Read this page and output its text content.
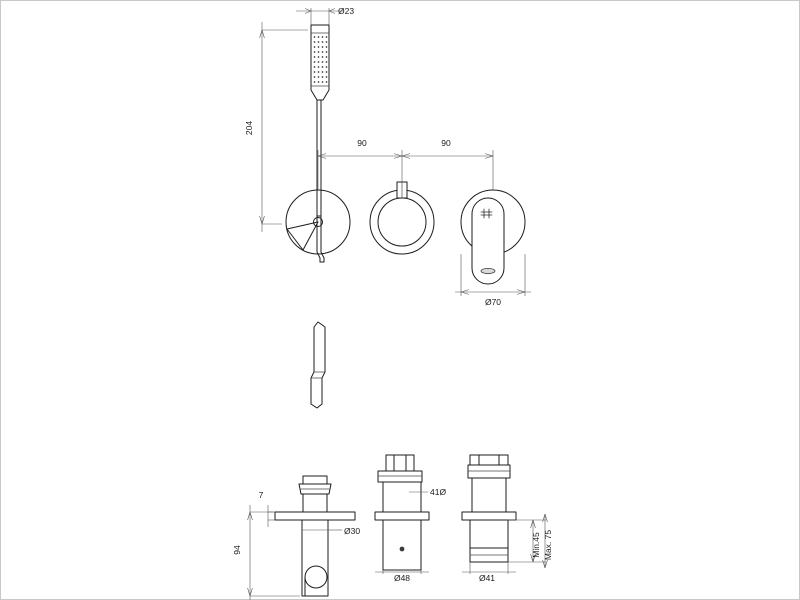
Ø23
204
90	90
Ø70
7
94
Ø30
41Ø
Ø48	Ø41
Min.45 Max. 75
